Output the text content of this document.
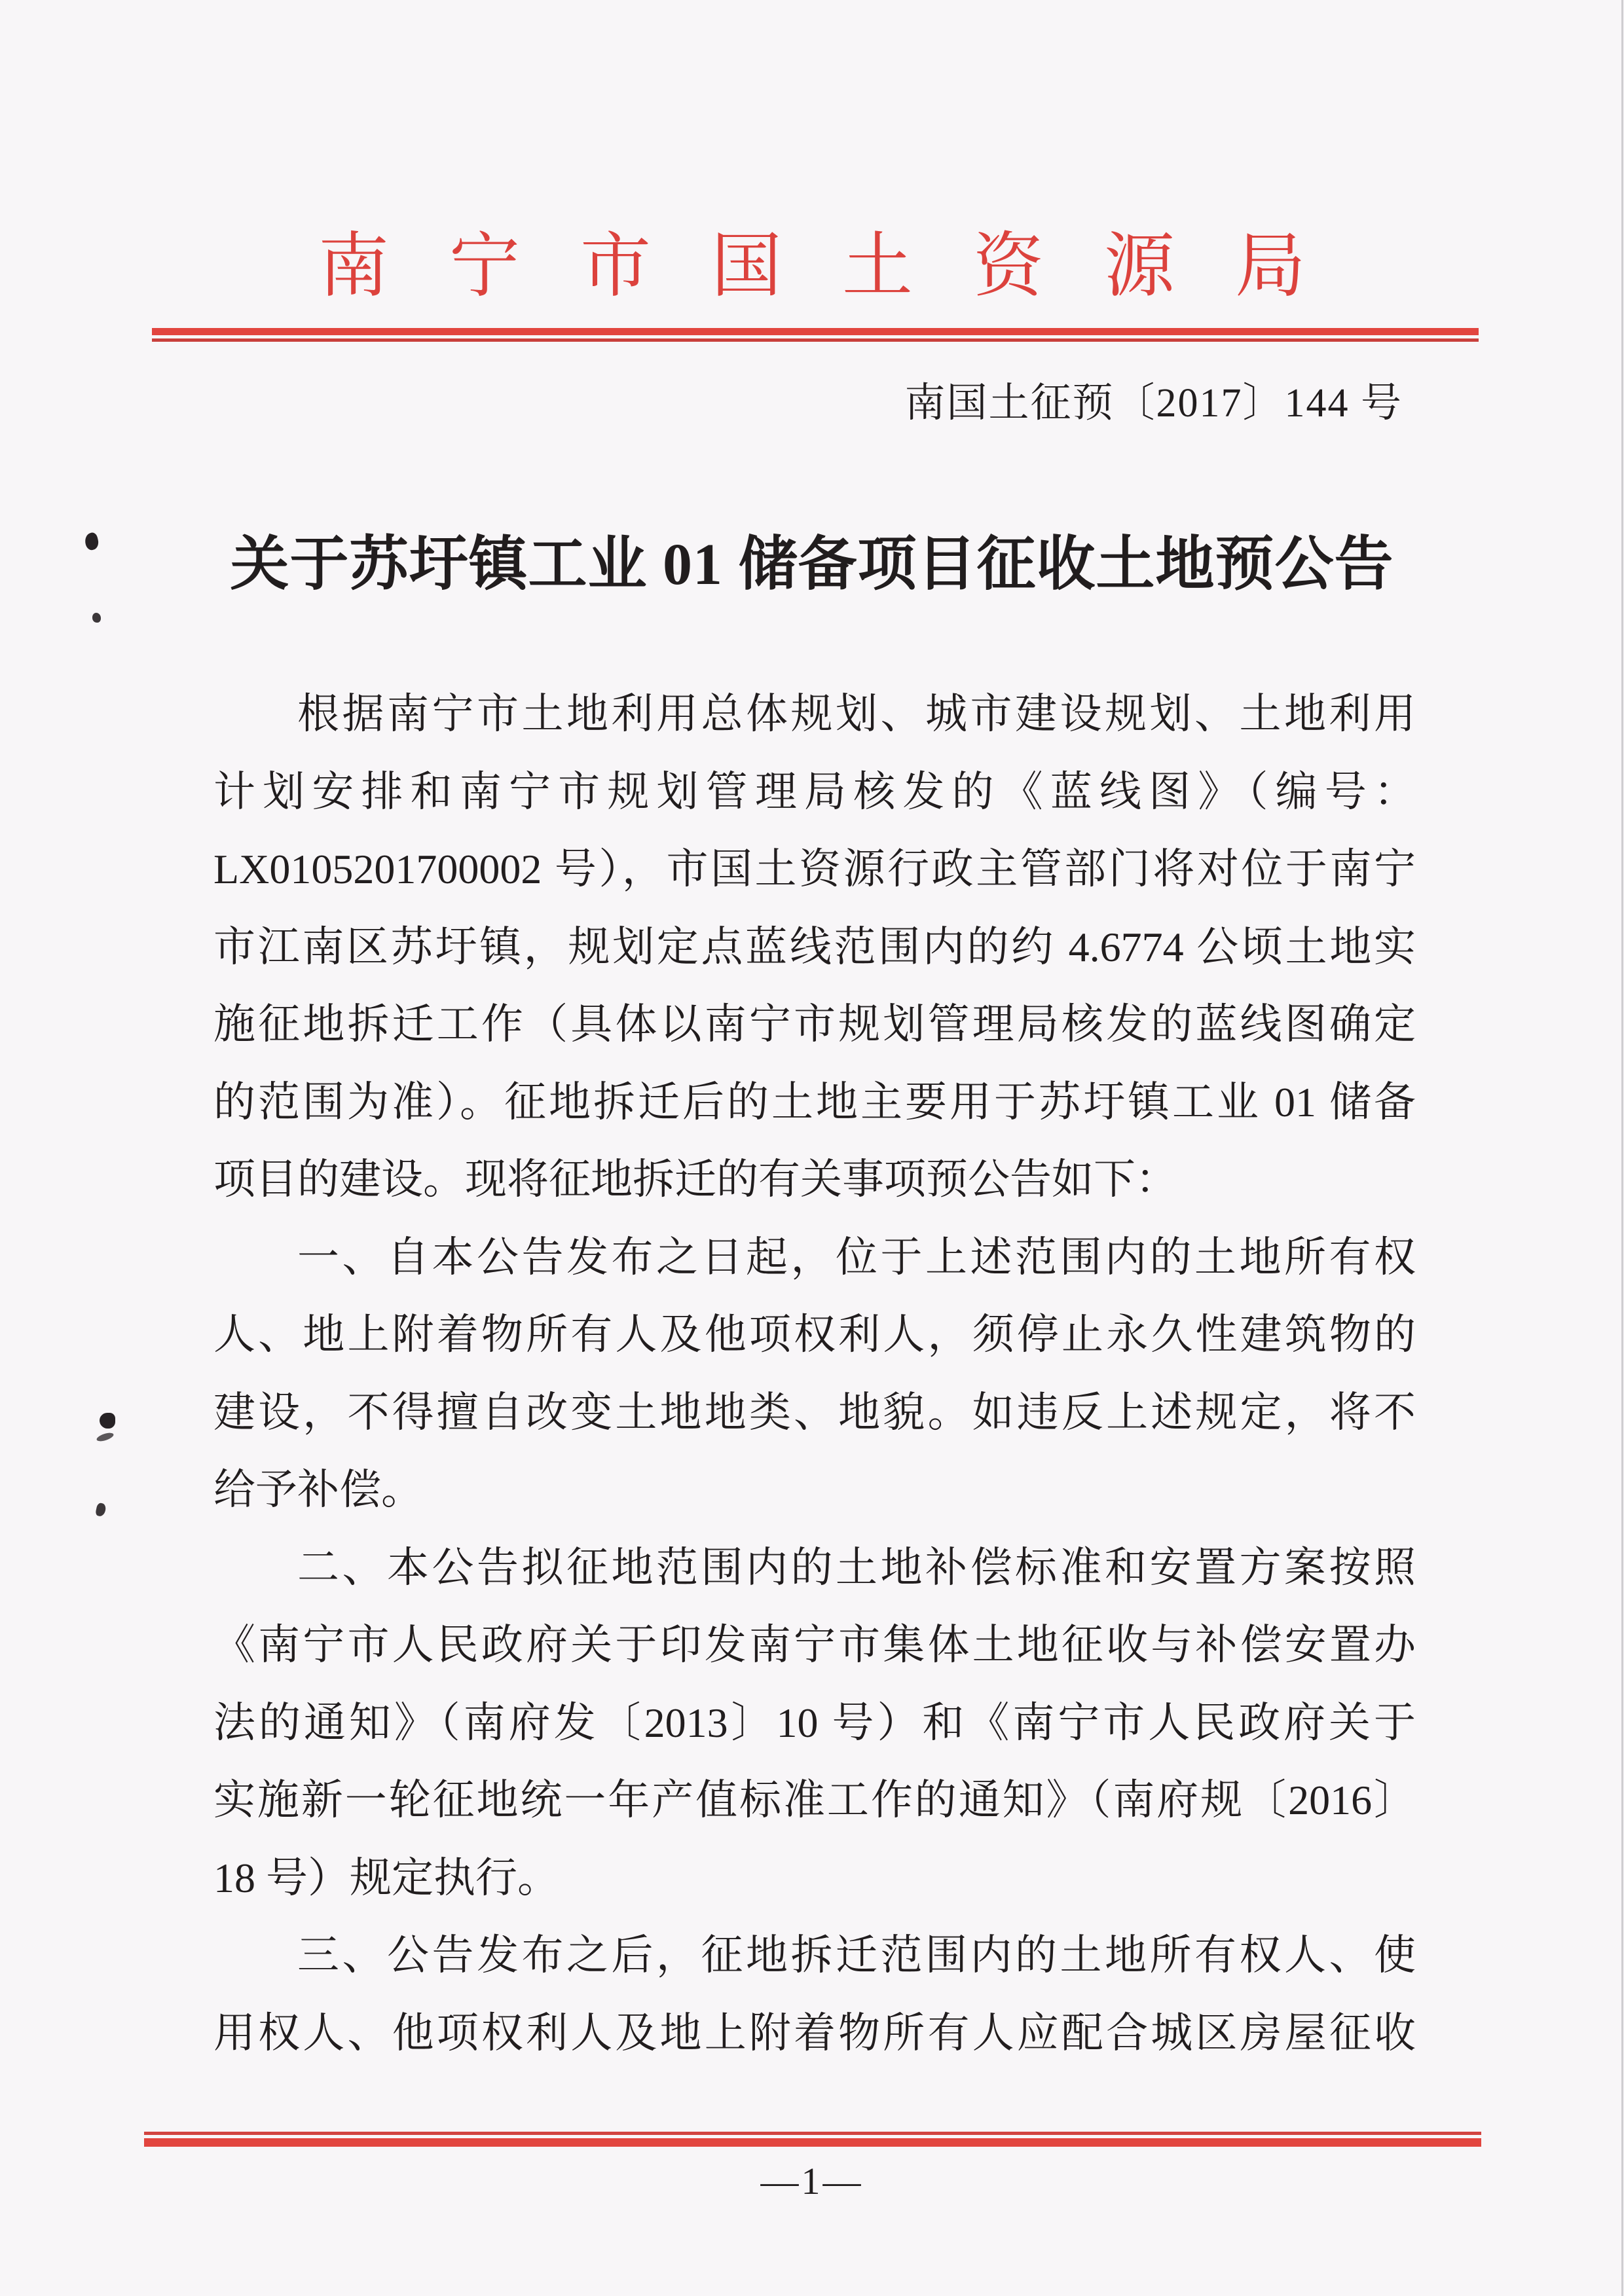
南宁市国土资源局
南国土征预〔2017〕144 号
关于苏圩镇工业 01 储备项目征收土地预公告
根据南宁市土地利用总体规划、城市建设规划、土地利用
计划安排和南宁市规划管理局核发的《蓝线图》（编号：
LX0105201700002 号），市国土资源行政主管部门将对位于南宁
市江南区苏圩镇，规划定点蓝线范围内的约 4.6774 公顷土地实
施征地拆迁工作（具体以南宁市规划管理局核发的蓝线图确定
的范围为准）。征地拆迁后的土地主要用于苏圩镇工业 01 储备
项目的建设。现将征地拆迁的有关事项预公告如下：
一、自本公告发布之日起，位于上述范围内的土地所有权
人、地上附着物所有人及他项权利人，须停止永久性建筑物的
建设，不得擅自改变土地地类、地貌。如违反上述规定，将不
给予补偿。
二、本公告拟征地范围内的土地补偿标准和安置方案按照
《南宁市人民政府关于印发南宁市集体土地征收与补偿安置办
法的通知》（南府发〔2013〕10 号）和《南宁市人民政府关于
实施新一轮征地统一年产值标准工作的通知》（南府规〔2016〕
18 号）规定执行。
三、公告发布之后，征地拆迁范围内的土地所有权人、使
用权人、他项权利人及地上附着物所有人应配合城区房屋征收
—1—
